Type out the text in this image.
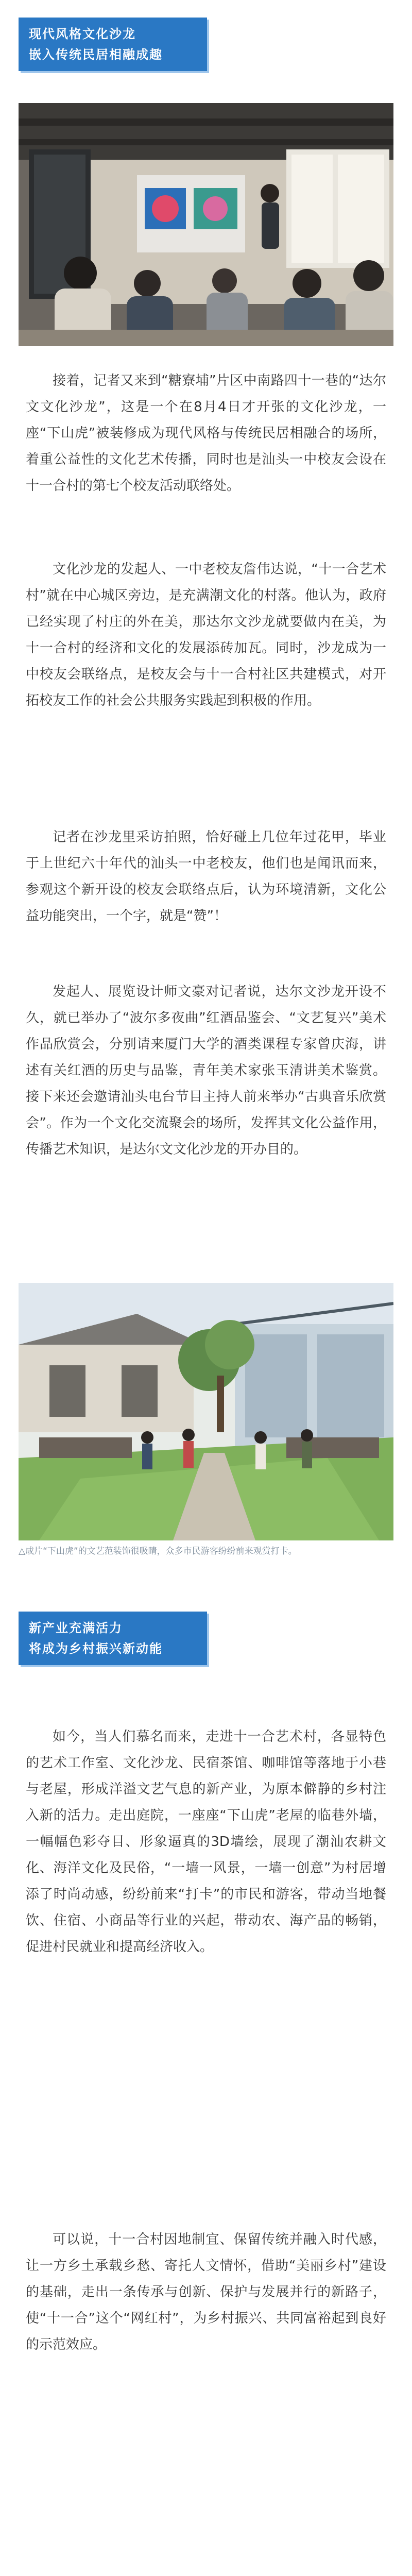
现代风格文化沙龙
嵌入传统民居相融成趣

接着，记者又来到“糖寮埔”片区中南路四十一巷的“达尔文文化沙龙”，这是一个在8月4日才开张的文化沙龙，一座“下山虎”被装修成为现代风格与传统民居相融合的场所，着重公益性的文化艺术传播，同时也是汕头一中校友会设在十一合村的第七个校友活动联络处。

文化沙龙的发起人、一中老校友詹伟达说，“十一合艺术村”就在中心城区旁边，是充满潮文化的村落。他认为，政府已经实现了村庄的外在美，那达尔文沙龙就要做内在美，为十一合村的经济和文化的发展添砖加瓦。同时，沙龙成为一中校友会联络点，是校友会与十一合村社区共建模式，对开拓校友工作的社会公共服务实践起到积极的作用。

记者在沙龙里采访拍照，恰好碰上几位年过花甲，毕业于上世纪六十年代的汕头一中老校友，他们也是闻讯而来，参观这个新开设的校友会联络点后，认为环境清新，文化公益功能突出，一个字，就是“赞”！

发起人、展览设计师文豪对记者说，达尔文沙龙开设不久，就已举办了“波尔多夜曲”红酒品鉴会、“文艺复兴”美术作品欣赏会，分别请来厦门大学的酒类课程专家曾庆海，讲述有关红酒的历史与品鉴，青年美术家张玉清讲美术鉴赏。接下来还会邀请汕头电台节目主持人前来举办“古典音乐欣赏会”。作为一个文化交流聚会的场所，发挥其文化公益作用，传播艺术知识，是达尔文文化沙龙的开办目的。

△成片“下山虎”的文艺范装饰很吸睛，众多市民游客纷纷前来观赏打卡。
新产业充满活力
将成为乡村振兴新动能

如今，当人们慕名而来，走进十一合艺术村，各显特色的艺术工作室、文化沙龙、民宿茶馆、咖啡馆等落地于小巷与老屋，形成洋溢文艺气息的新产业，为原本僻静的乡村注入新的活力。走出庭院，一座座“下山虎”老屋的临巷外墙，一幅幅色彩夺目、形象逼真的3D墙绘，展现了潮汕农耕文化、海洋文化及民俗，“一墙一风景，一墙一创意”为村居增添了时尚动感，纷纷前来“打卡”的市民和游客，带动当地餐饮、住宿、小商品等行业的兴起，带动农、海产品的畅销，促进村民就业和提高经济收入。

可以说，十一合村因地制宜、保留传统并融入时代感，让一方乡土承载乡愁、寄托人文情怀，借助“美丽乡村”建设的基础，走出一条传承与创新、保护与发展并行的新路子，使“十一合”这个“网红村”，为乡村振兴、共同富裕起到良好的示范效应。
